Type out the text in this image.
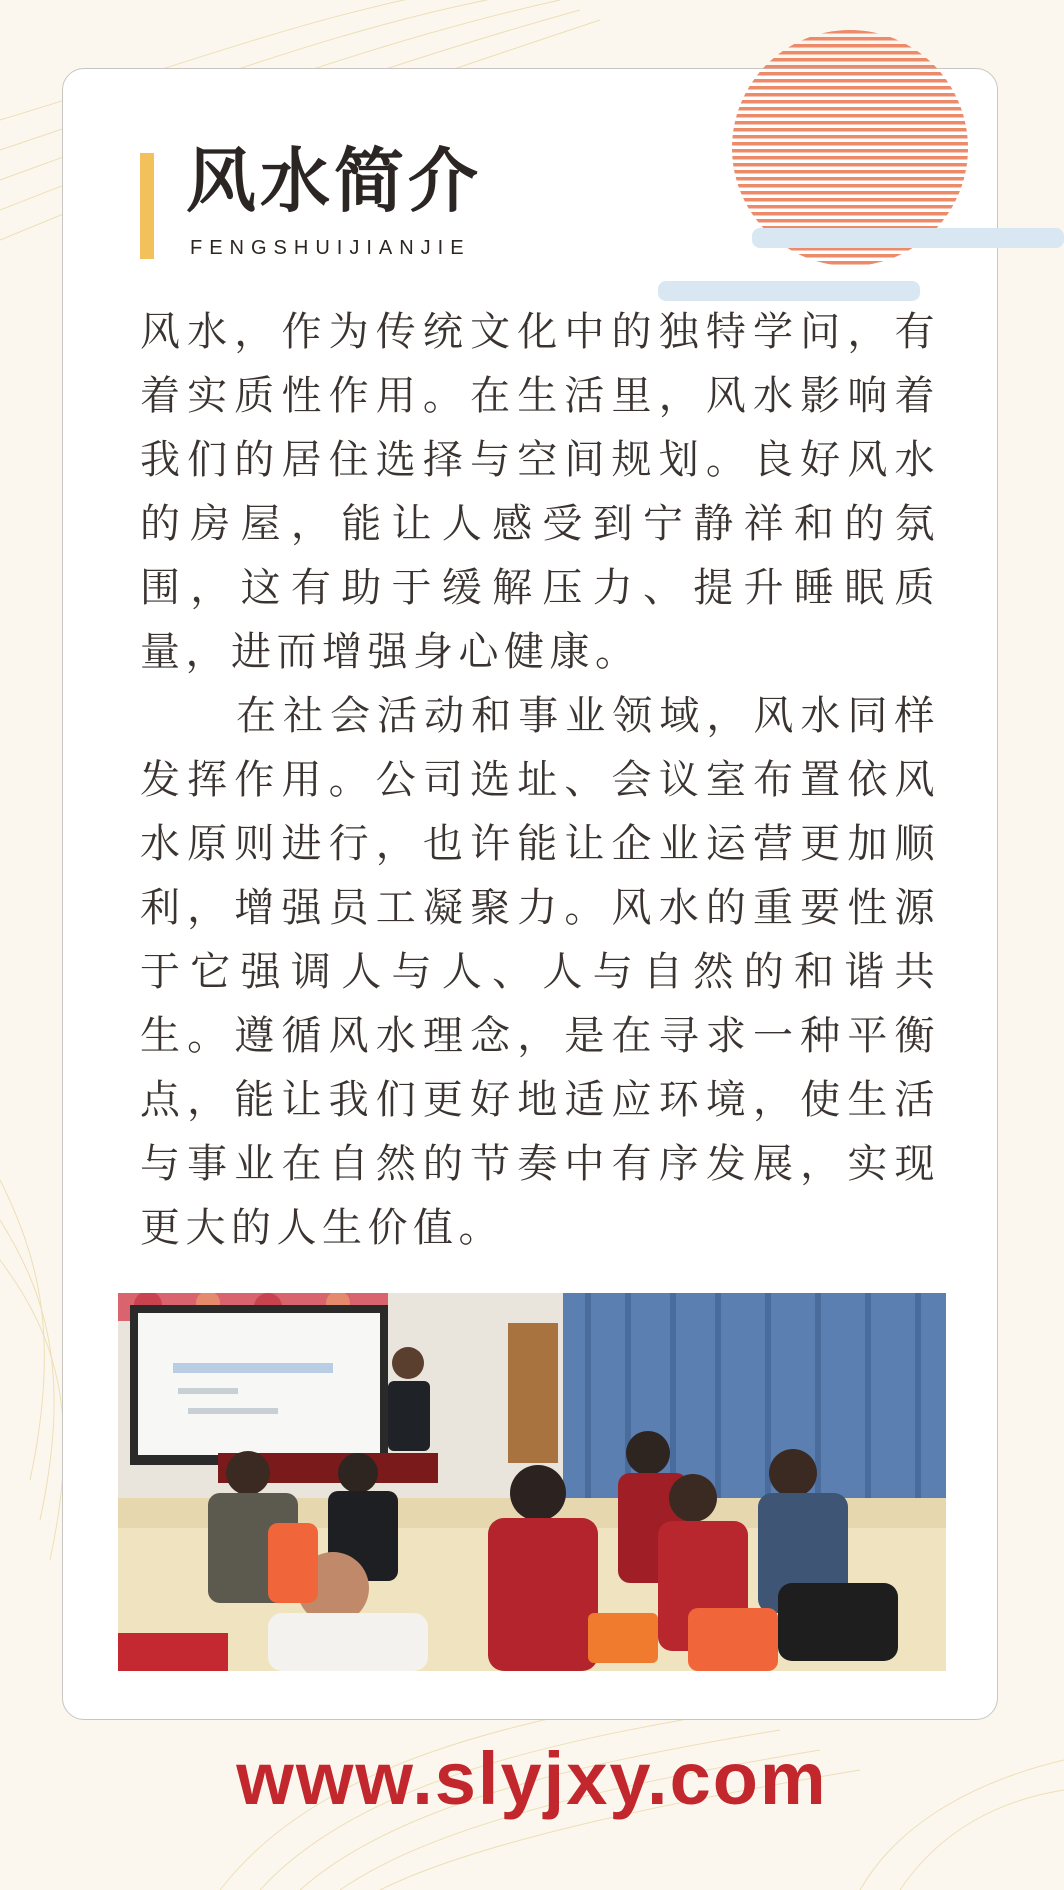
风水简介

FENGSHUIJIANJIE

风水，作为传统文化中的独特学问，有着实质性作用。在生活里，风水影响着我们的居住选择与空间规划。良好风水的房屋，能让人感受到宁静祥和的氛围，这有助于缓解压力、提升睡眠质量，进而增强身心健康。

在社会活动和事业领域，风水同样发挥作用。公司选址、会议室布置依风水原则进行，也许能让企业运营更加顺利，增强员工凝聚力。风水的重要性源于它强调人与人、人与自然的和谐共生。遵循风水理念，是在寻求一种平衡点，能让我们更好地适应环境，使生活与事业在自然的节奏中有序发展，实现更大的人生价值。

www.slyjxy.com
